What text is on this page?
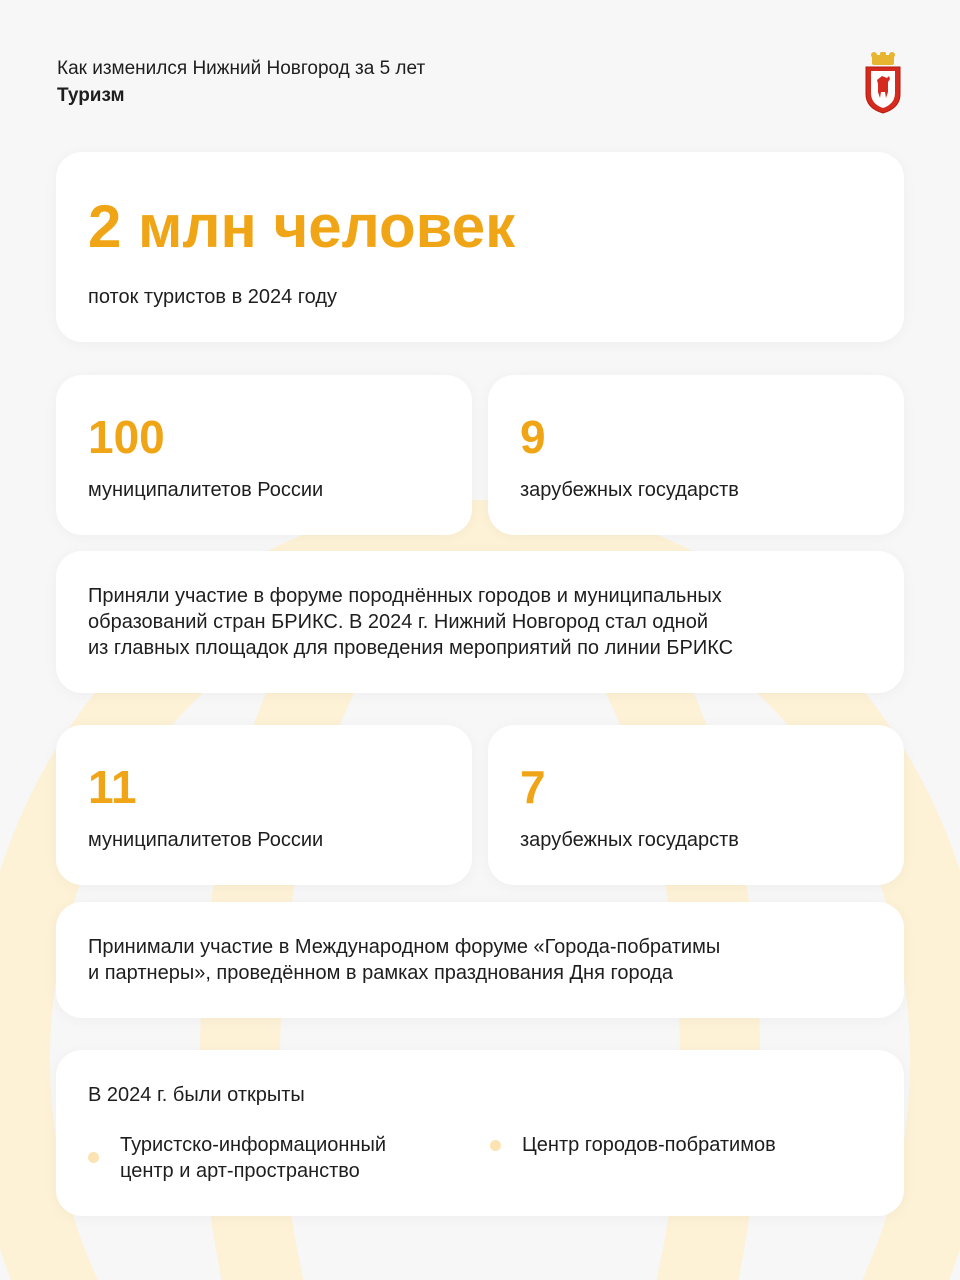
Как изменился Нижний Новгород за 5 лет
Туризм
2 млн человек
поток туристов в 2024 году
100
муниципалитетов России
9
зарубежных государств
Приняли участие в форуме породнённых городов и муниципальных
образований стран БРИКС. В 2024 г. Нижний Новгород стал одной
из главных площадок для проведения мероприятий по линии БРИКС
11
муниципалитетов России
7
зарубежных государств
Принимали участие в Международном форуме «Города-побратимы
и партнеры», проведённом в рамках празднования Дня города
В 2024 г. были открыты
Туристско-информационный
центр и арт-пространство
Центр городов-побратимов
